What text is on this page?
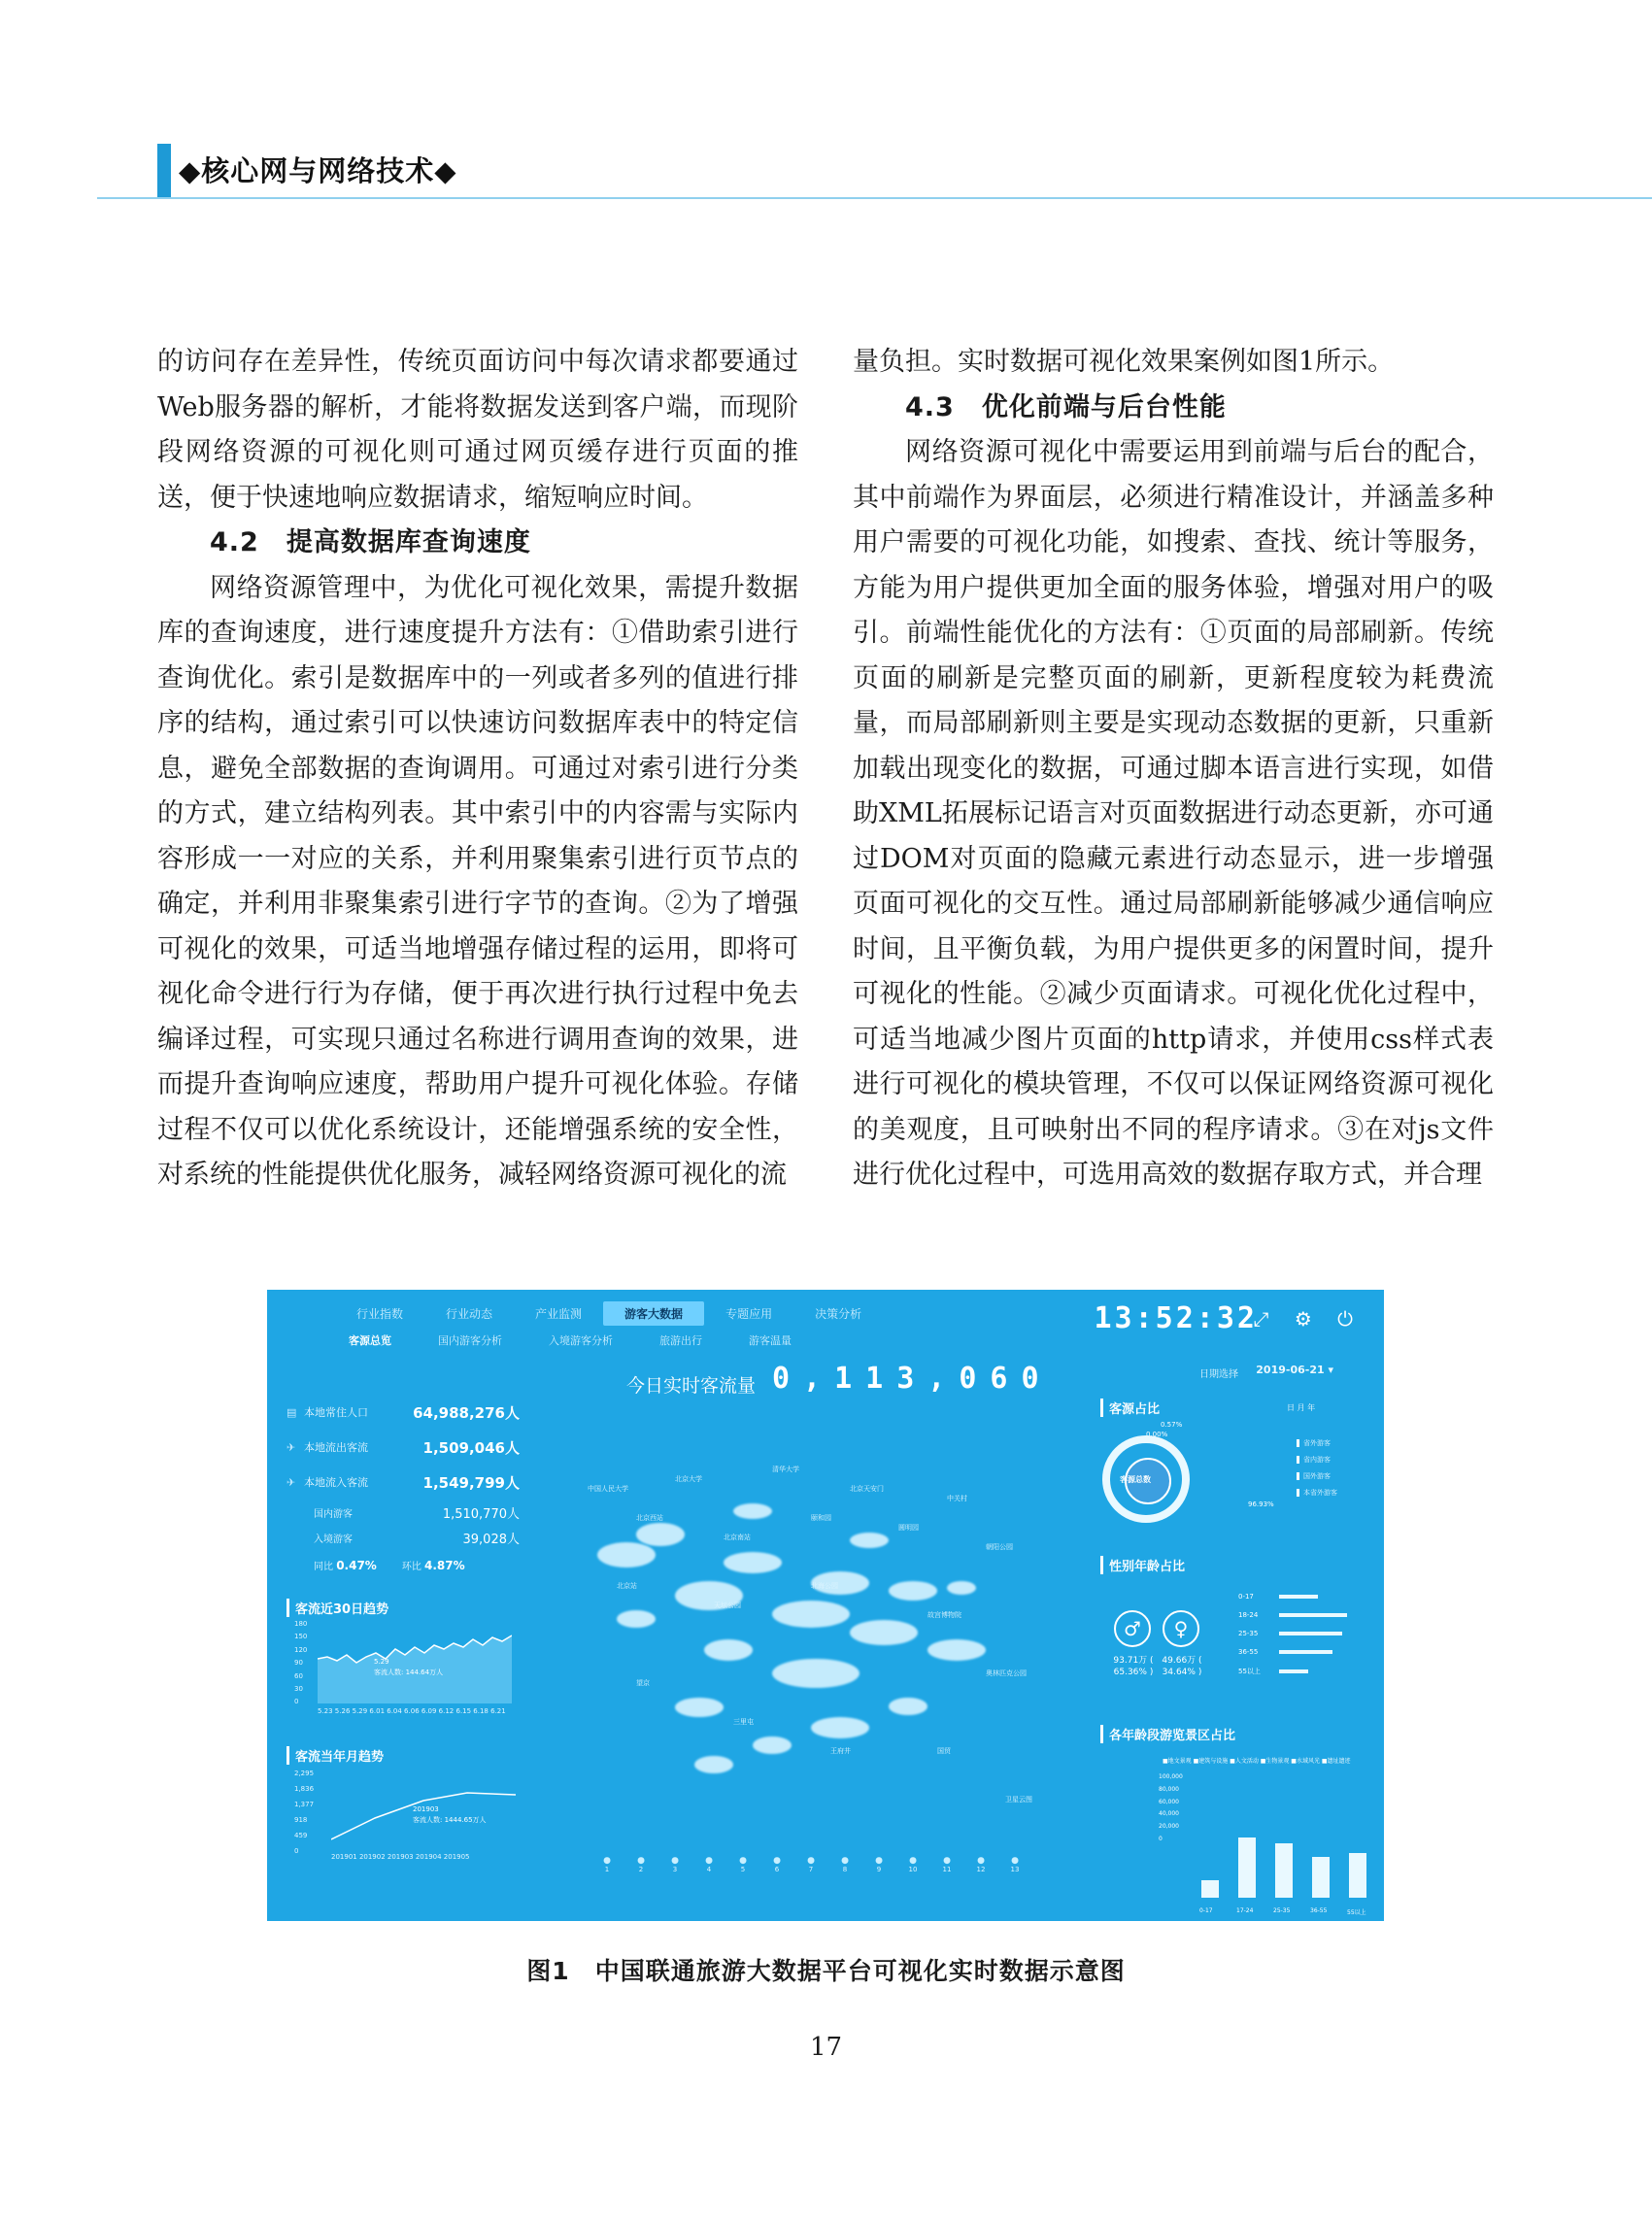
◆核心网与网络技术◆

的访问存在差异性，传统页面访问中每次请求都要通过Web服务器的解析，才能将数据发送到客户端，而现阶段网络资源的可视化则可通过网页缓存进行页面的推送，便于快速地响应数据请求，缩短响应时间。

4.2　提高数据库查询速度

网络资源管理中，为优化可视化效果，需提升数据库的查询速度，进行速度提升方法有：①借助索引进行查询优化。索引是数据库中的一列或者多列的值进行排序的结构，通过索引可以快速访问数据库表中的特定信息，避免全部数据的查询调用。可通过对索引进行分类的方式，建立结构列表。其中索引中的内容需与实际内容形成一一对应的关系，并利用聚集索引进行页节点的确定，并利用非聚集索引进行字节的查询。②为了增强可视化的效果，可适当地增强存储过程的运用，即将可视化命令进行行为存储，便于再次进行执行过程中免去编译过程，可实现只通过名称进行调用查询的效果，进而提升查询响应速度，帮助用户提升可视化体验。存储过程不仅可以优化系统设计，还能增强系统的安全性，对系统的性能提供优化服务，减轻网络资源可视化的流

量负担。实时数据可视化效果案例如图1所示。

4.3　优化前端与后台性能

网络资源可视化中需要运用到前端与后台的配合，其中前端作为界面层，必须进行精准设计，并涵盖多种用户需要的可视化功能，如搜索、查找、统计等服务，方能为用户提供更加全面的服务体验，增强对用户的吸引。前端性能优化的方法有：①页面的局部刷新。传统页面的刷新是完整页面的刷新，更新程度较为耗费流量，而局部刷新则主要是实现动态数据的更新，只重新加载出现变化的数据，可通过脚本语言进行实现，如借助XML拓展标记语言对页面数据进行动态更新，亦可通过DOM对页面的隐藏元素进行动态显示，进一步增强页面可视化的交互性。通过局部刷新能够减少通信响应时间，且平衡负载，为用户提供更多的闲置时间，提升可视化的性能。②减少页面请求。可视化优化过程中，可适当地减少图片页面的http请求，并使用css样式表进行可视化的模块管理，不仅可以保证网络资源可视化的美观度，且可映射出不同的程序请求。③在对js文件进行优化过程中，可选用高效的数据存取方式，并合理

行业指数	行业动态	产业监测	游客大数据	专题应用	决策分析
客源总览	国内游客分析	入境游客分析	旅游出行	游客温量
13:52:32
⤢ ⚙ ⏻
日期选择 2019-06-21 ▾
今日实时客流量 0,113,060
▤ 本地常住人口	64,988,276人
✈ 本地流出客流	1,509,046人
✈ 本地流入客流	1,549,799人
国内游客	1,510,770人
入境游客	39,028人
同比 0.47%	环比 4.87%
客流近30日趋势
180
150
120
90
60
30
0
5.29
客流人数: 144.64万人
5.23 5.26 5.29 6.01 6.04 6.06 6.09 6.12 6.15 6.18 6.21
客流当年月趋势
2,295
1,836
1,377
918
459
0
201903
客流人数: 1444.65万人
201901 201902 201903 201904 201905
中国人民大学
北京大学
清华大学
北京天安门
中关村
北京西站
北京南站
颐和园
圆明园
朝阳公园
北京站
天坛公园
北海公园
故宫博物院
奥林匹克公园
望京
三里屯
王府井	国贸
卫星云图
● 1	● 2	● 3	● 4	● 5	● 6	● 7	● 8	● 9	● 10	● 11	● 12	● 13
客源占比	日 月 年
0.57%
0.00%
客源总数
96.93%
省外游客
省内游客
国外游客
本省外游客
性别年龄占比
♂	♀
93.71万 ( 65.36% )
49.66万 ( 34.64% )
0-17
18-24
25-35
36-55
55以上
各年龄段游览景区占比
■地文景观 ■建筑与设施 ■人文活动 ■生物景观 ■水域风光 ■遗址遗迹
100,000
80,000
60,000
40,000
20,000
0
0-17	17-24	25-35	36-55	55以上
图1　中国联通旅游大数据平台可视化实时数据示意图
17
